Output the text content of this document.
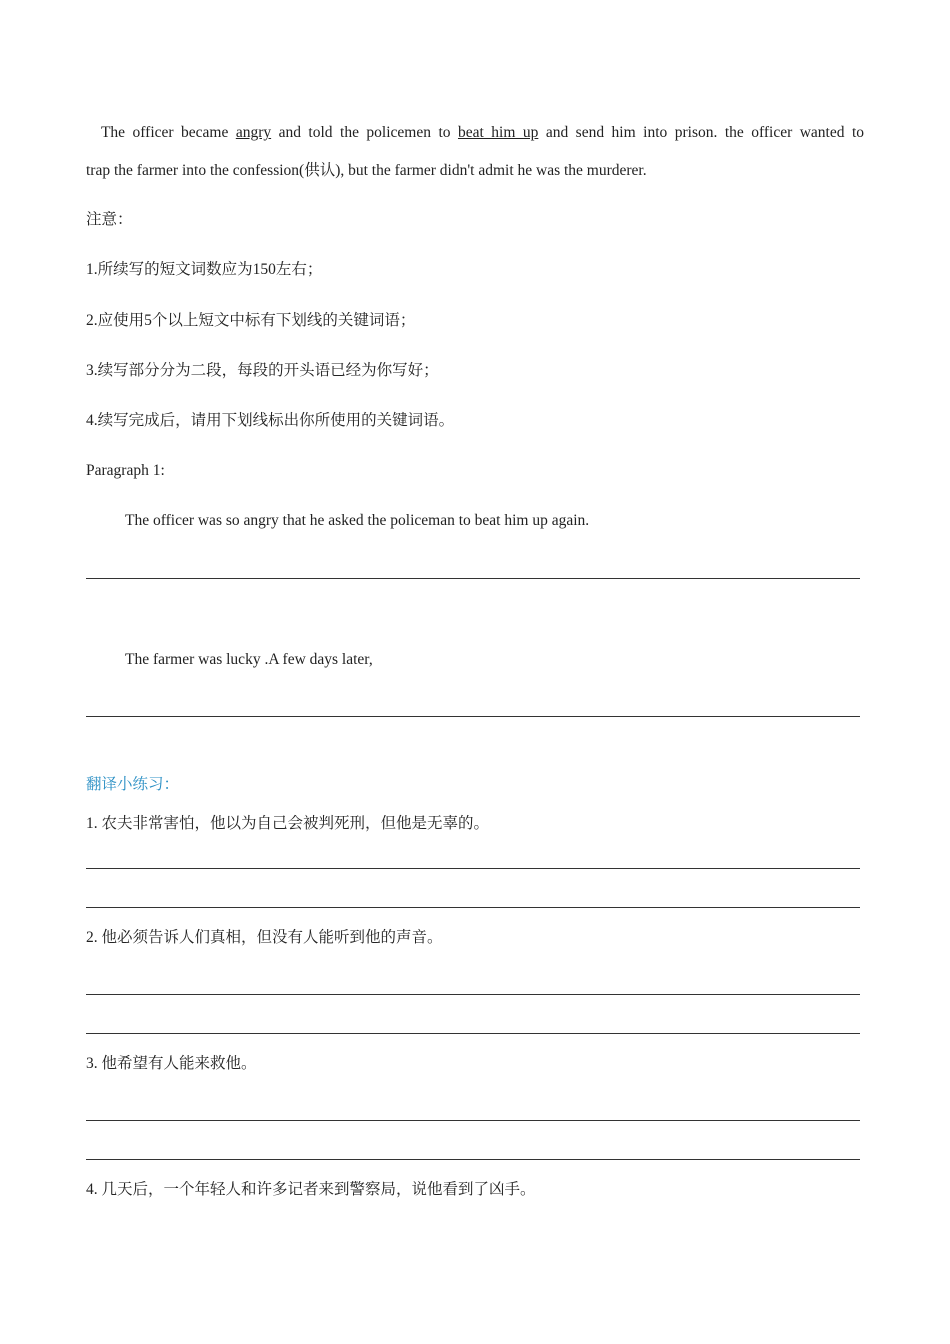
The officer became angry and told the policemen to beat him up and send him into prison. the officer wanted to
trap the farmer into the confession(供认), but the farmer didn't admit he was the murderer.
注意：
1.所续写的短文词数应为150左右；
2.应使用5个以上短文中标有下划线的关键词语；
3.续写部分分为二段，每段的开头语已经为你写好；
4.续写完成后，请用下划线标出你所使用的关键词语。
Paragraph 1:
The officer was so angry that he asked the policeman to beat him up again.
The farmer was lucky .A few days later,
翻译小练习：
1. 农夫非常害怕，他以为自己会被判死刑，但他是无辜的。
2. 他必须告诉人们真相，但没有人能听到他的声音。
3. 他希望有人能来救他。
4. 几天后，一个年轻人和许多记者来到警察局，说他看到了凶手。
